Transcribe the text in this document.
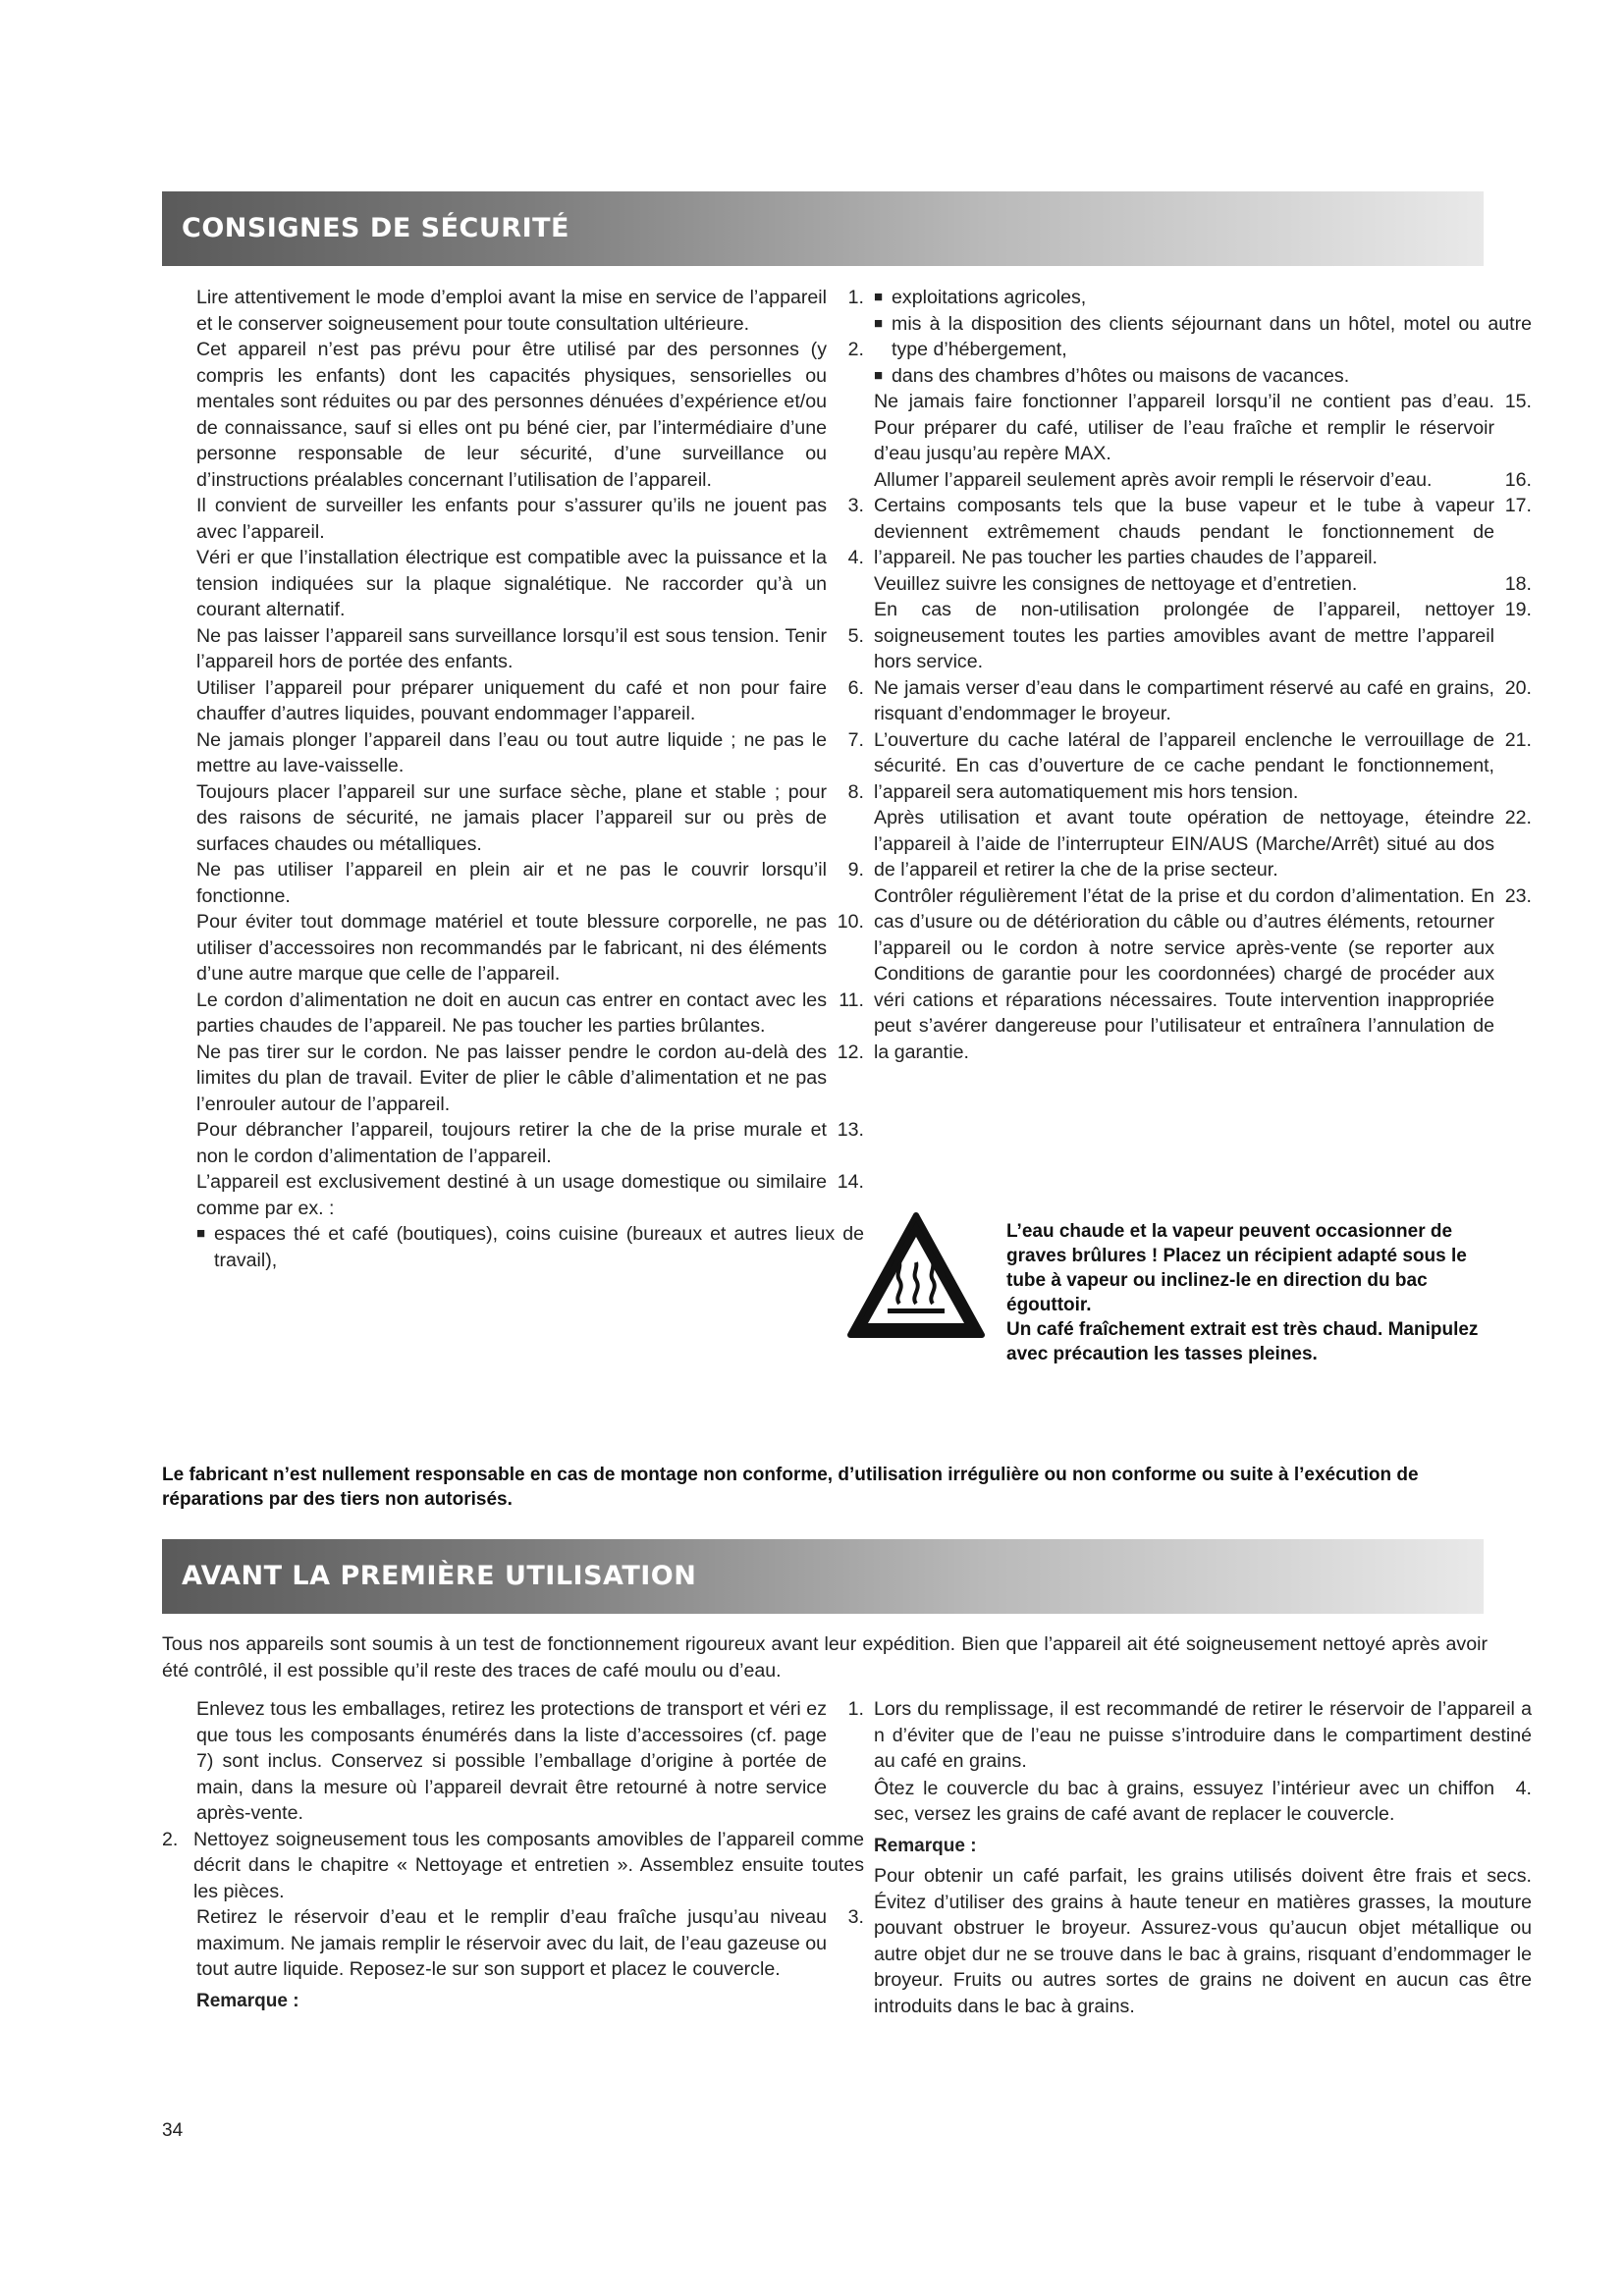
CONSIGNES DE SÉCURITÉ
Lire attentivement le mode d’emploi avant la mise en service de l’appareil et le conserver soigneusement pour toute consultation ultérieure.
1.
Cet appareil n’est pas prévu pour être utilisé par des personnes (y compris les enfants) dont les capacités physiques, sensorielles ou mentales sont réduites ou par des personnes dénuées d’expérience et/ou de connaissance, sauf si elles ont pu béné cier, par l’intermédiaire d’une personne responsable de leur sécurité, d’une surveillance ou d’instructions préalables concernant l’utilisation de l’appareil.
2.
Il convient de surveiller les enfants pour s’assurer qu’ils ne jouent pas avec l’appareil.
3.
Véri er que l’installation électrique est compatible avec la puissance et la tension indiquées sur la plaque signalétique. Ne raccorder qu’à un courant alternatif.
4.
Ne pas laisser l’appareil sans surveillance lorsqu’il est sous tension. Tenir l’appareil hors de portée des enfants.
5.
Utiliser l’appareil pour préparer uniquement du café et non pour faire chauffer d’autres liquides, pouvant endommager l’appareil.
6.
Ne jamais plonger l’appareil dans l’eau ou tout autre liquide ; ne pas le mettre au lave-vaisselle.
7.
Toujours placer l’appareil sur une surface sèche, plane et stable ; pour des raisons de sécurité, ne jamais placer l’appareil sur ou près de surfaces chaudes ou métalliques.
8.
Ne pas utiliser l’appareil en plein air et ne pas le couvrir lorsqu’il fonctionne.
9.
Pour éviter tout dommage matériel et toute blessure corporelle, ne pas utiliser d’accessoires non recommandés par le fabricant, ni des éléments d’une autre marque que celle de l’appareil.
10.
Le cordon d’alimentation ne doit en aucun cas entrer en contact avec les parties chaudes de l’appareil. Ne pas toucher les parties brûlantes.
11.
Ne pas tirer sur le cordon. Ne pas laisser pendre le cordon au-delà des limites du plan de travail. Eviter de plier le câble d’alimentation et ne pas l’enrouler autour de l’appareil.
12.
Pour débrancher l’appareil, toujours retirer la che de la prise murale et non le cordon d’alimentation de l’appareil.
13.
L’appareil est exclusivement destiné à un usage domestique ou similaire comme par ex. :
14.
■ espaces thé et café (boutiques), coins cuisine (bureaux et autres lieux de travail),
■ exploitations agricoles,
■ mis à la disposition des clients séjournant dans un hôtel, motel ou autre type d’hébergement,
■ dans des chambres d’hôtes ou maisons de vacances.
Ne jamais faire fonctionner l’appareil lorsqu’il ne contient pas d’eau. Pour préparer du café, utiliser de l’eau fraîche et remplir le réservoir d’eau jusqu’au repère MAX.
15.
Allumer l’appareil seulement après avoir rempli le réservoir d’eau.	16.
Certains composants tels que la buse vapeur et le tube à vapeur deviennent extrêmement chauds pendant le fonctionnement de l’appareil. Ne pas toucher les parties chaudes de l’appareil.
17.
Veuillez suivre les consignes de nettoyage et d’entretien.	18.
En cas de non-utilisation prolongée de l’appareil, nettoyer soigneusement toutes les parties amovibles avant de mettre l’appareil hors service.
19.
Ne jamais verser d’eau dans le compartiment réservé au café en grains, risquant d’endommager le broyeur.
20.
L’ouverture du cache latéral de l’appareil enclenche le verrouillage de sécurité. En cas d’ouverture de ce cache pendant le fonctionnement, l’appareil sera automatiquement mis hors tension.
21.
Après utilisation et avant toute opération de nettoyage, éteindre l’appareil à l’aide de l’interrupteur EIN/AUS (Marche/Arrêt) situé au dos de l’appareil et retirer la che de la prise secteur.
22.
Contrôler régulièrement l’état de la prise et du cordon d’alimentation. En cas d’usure ou de détérioration du câble ou d’autres éléments, retourner l’appareil ou le cordon à notre service après-vente (se reporter aux Conditions de garantie pour les coordonnées) chargé de procéder aux véri cations et réparations nécessaires. Toute intervention inappropriée peut s’avérer dangereuse pour l’utilisateur et entraînera l’annulation de la garantie.
23.

L’eau chaude et la vapeur peuvent occasionner de graves brûlures ! Placez un récipient adapté sous le tube à vapeur ou inclinez-le en direction du bac égouttoir.

Un café fraîchement extrait est très chaud. Manipulez avec précaution les tasses pleines.

Le fabricant n’est nullement responsable en cas de montage non conforme, d’utilisation irrégulière ou non conforme ou suite à l’exécution de réparations par des tiers non autorisés.
AVANT LA PREMIÈRE UTILISATION
Tous nos appareils sont soumis à un test de fonctionnement rigoureux avant leur expédition. Bien que l’appareil ait été soigneusement nettoyé après avoir été contrôlé, il est possible qu’il reste des traces de café moulu ou d’eau.
Enlevez tous les emballages, retirez les protections de transport et véri ez que tous les composants énumérés dans la liste d’accessoires (cf. page 7) sont inclus. Conservez si possible l’emballage d’origine à portée de main, dans la mesure où l’appareil devrait être retourné à notre service après-vente.
1.
2. Nettoyez soigneusement tous les composants amovibles de l’appareil comme décrit dans le chapitre « Nettoyage et entretien ». Assemblez ensuite toutes les pièces.
Retirez le réservoir d’eau et le remplir d’eau fraîche jusqu’au niveau maximum. Ne jamais remplir le réservoir avec du lait, de l’eau gazeuse ou tout autre liquide. Reposez-le sur son support et placez le couvercle.
3.
Remarque :

Lors du remplissage, il est recommandé de retirer le réservoir de l’appareil a n d’éviter que de l’eau ne puisse s’introduire dans le compartiment destiné au café en grains.

Ôtez le couvercle du bac à grains, essuyez l’intérieur avec un chiffon sec, versez les grains de café avant de replacer le couvercle.
4.
Remarque :

Pour obtenir un café parfait, les grains utilisés doivent être frais et secs. Évitez d’utiliser des grains à haute teneur en matières grasses, la mouture pouvant obstruer le broyeur. Assurez-vous qu’aucun objet métallique ou autre objet dur ne se trouve dans le bac à grains, risquant d’endommager le broyeur. Fruits ou autres sortes de grains ne doivent en aucun cas être introduits dans le bac à grains.

34
